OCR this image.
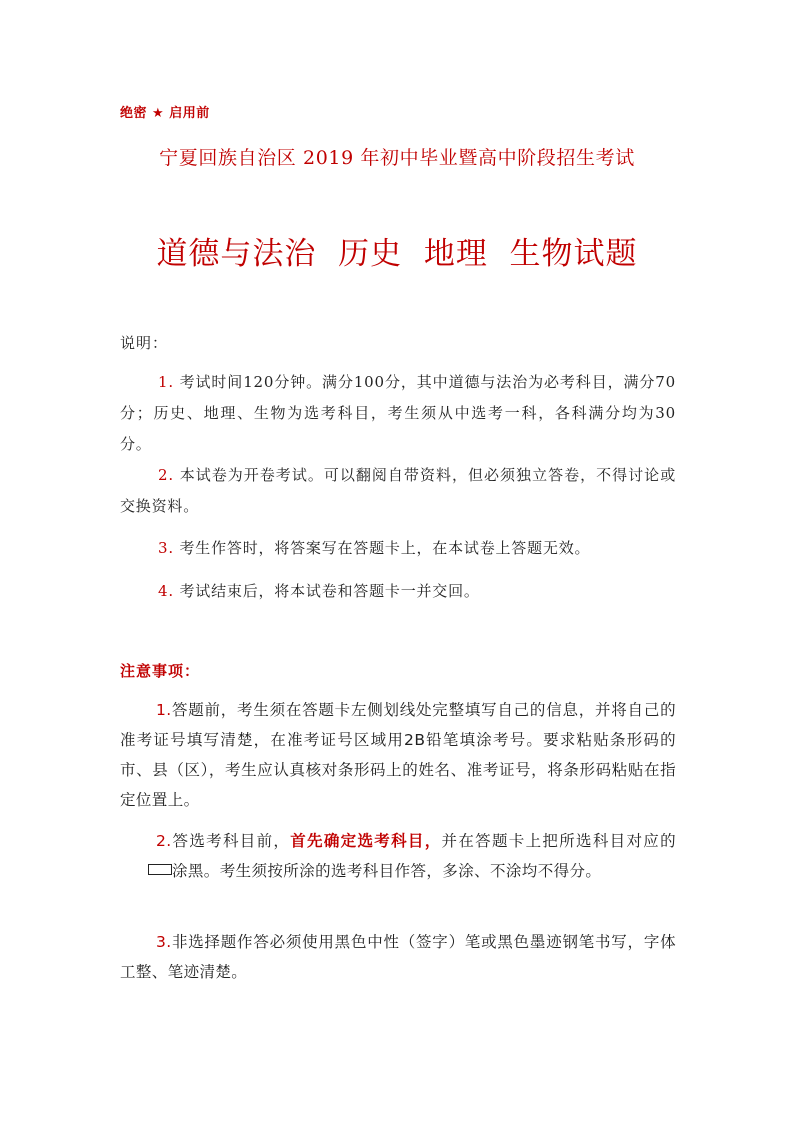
绝密 ★ 启用前
宁夏回族自治区 2019 年初中毕业暨高中阶段招生考试
道德与法治  历史  地理  生物试题
说明：

1. 考试时间120分钟。满分100分，其中道德与法治为必考科目，满分70分；历史、地理、生物为选考科目，考生须从中选考一科，各科满分均为30分。

2. 本试卷为开卷考试。可以翻阅自带资料，但必须独立答卷，不得讨论或交换资料。

3. 考生作答时，将答案写在答题卡上，在本试卷上答题无效。

4. 考试结束后，将本试卷和答题卡一并交回。

注意事项：

1.答题前，考生须在答题卡左侧划线处完整填写自己的信息，并将自己的准考证号填写清楚，在准考证号区域用2B铅笔填涂考号。要求粘贴条形码的市、县（区），考生应认真核对条形码上的姓名、准考证号，将条形码粘贴在指定位置上。

2.答选考科目前，首先确定选考科目，并在答题卡上把所选科目对应的涂黑。考生须按所涂的选考科目作答，多涂、不涂均不得分。

3.非选择题作答必须使用黑色中性（签字）笔或黑色墨迹钢笔书写，字体工整、笔迹清楚。
